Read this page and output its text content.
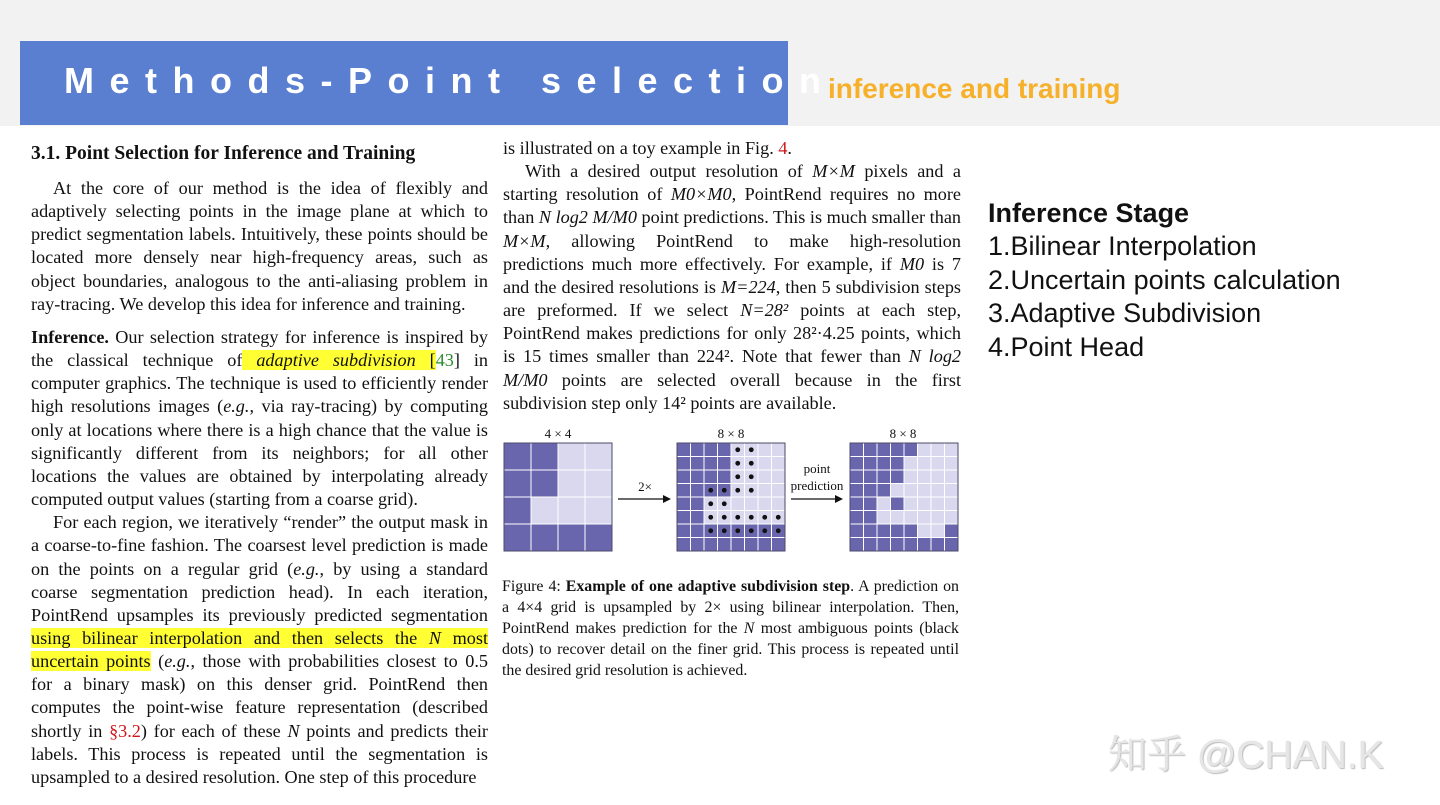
Methods-Point selection
inference and training
3.1. Point Selection for Inference and Training
At the core of our method is the idea of flexibly and adaptively selecting points in the image plane at which to predict segmentation labels. Intuitively, these points should be located more densely near high-frequency areas, such as object boundaries, analogous to the anti-aliasing problem in ray-tracing. We develop this idea for inference and training.
Inference. Our selection strategy for inference is inspired by the classical technique of adaptive subdivision [43] in computer graphics. The technique is used to efficiently render high resolutions images (e.g., via ray-tracing) by computing only at locations where there is a high chance that the value is significantly different from its neighbors; for all other locations the values are obtained by interpolating already computed output values (starting from a coarse grid).
For each region, we iteratively “render” the output mask in a coarse-to-fine fashion. The coarsest level prediction is made on the points on a regular grid (e.g., by using a standard coarse segmentation prediction head). In each iteration, PointRend upsamples its previously predicted segmentation using bilinear interpolation and then selects the N most uncertain points (e.g., those with probabilities closest to 0.5 for a binary mask) on this denser grid. PointRend then computes the point-wise feature representation (described shortly in §3.2) for each of these N points and predicts their labels. This process is repeated until the segmentation is upsampled to a desired resolution. One step of this procedure
is illustrated on a toy example in Fig. 4.
With a desired output resolution of M×M pixels and a starting resolution of M0×M0, PointRend requires no more than N log2 M/M0 point predictions. This is much smaller than M×M, allowing PointRend to make high-resolution predictions much more effectively. For example, if M0 is 7 and the desired resolutions is M=224, then 5 subdivision steps are preformed. If we select N=28² points at each step, PointRend makes predictions for only 28²·4.25 points, which is 15 times smaller than 224². Note that fewer than N log2 M/M0 points are selected overall because in the first subdivision step only 14² points are available.
4 × 4	8 × 8	8 × 8
2×
point
prediction
Figure 4: Example of one adaptive subdivision step. A prediction on a 4×4 grid is upsampled by 2× using bilinear interpolation. Then, PointRend makes prediction for the N most ambiguous points (black dots) to recover detail on the finer grid. This process is repeated until the desired grid resolution is achieved.
Inference Stage
1.Bilinear Interpolation
2.Uncertain points calculation
3.Adaptive Subdivision
4.Point Head
知乎 @CHAN.K
